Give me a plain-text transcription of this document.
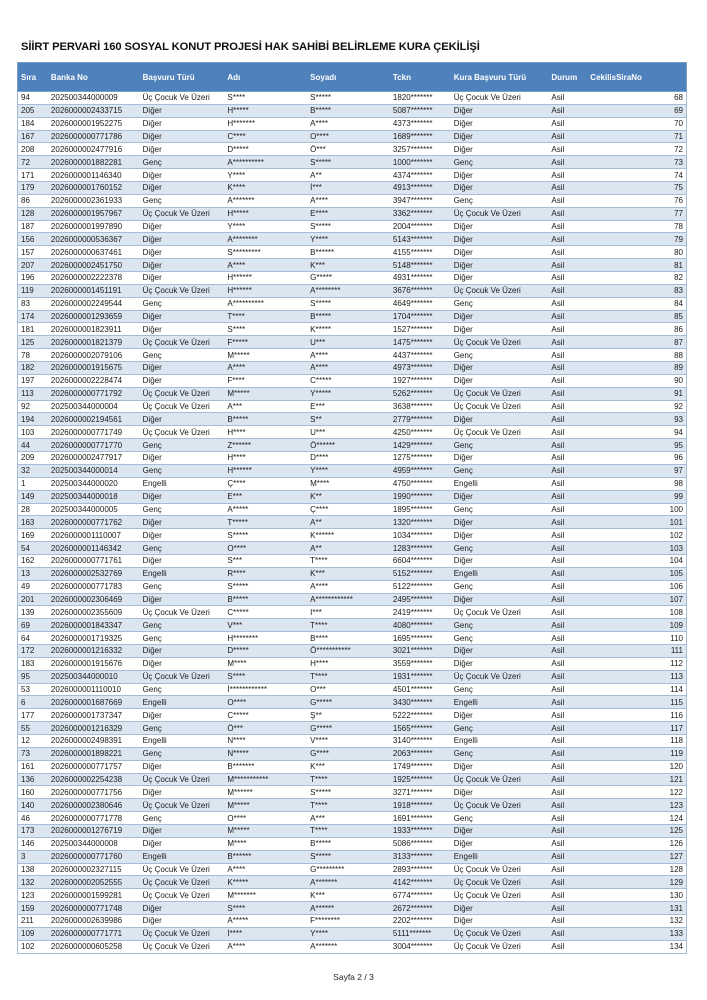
SİİRT PERVARİ 160 SOSYAL KONUT PROJESİ HAK SAHİBİ BELİRLEME KURA ÇEKİLİŞİ
Sıra	Banka No	Başvuru Türü	Adı	Soyadı	Tckn	Kura Başvuru Türü	Durum	CekilisSiraNo
94	202500344000009	Üç Çocuk Ve Üzeri	S****	S*****	1820*******	Üç Çocuk Ve Üzeri	Asil	68
205	2026000002433715	Diğer	H*****	B*****	5087*******	Diğer	Asil	69
184	2026000001952275	Diğer	H*******	A****	4373*******	Diğer	Asil	70
167	2026000000771786	Diğer	C****	O****	1689*******	Diğer	Asil	71
208	2026000002477916	Diğer	D*****	Ö***	3257*******	Diğer	Asil	72
72	2026000001882281	Genç	A**********	S*****	1000*******	Genç	Asil	73
171	2026000001146340	Diğer	Y****	A**	4374*******	Diğer	Asil	74
179	2026000001760152	Diğer	K****	İ***	4913*******	Diğer	Asil	75
86	2026000002361933	Genç	A*******	A****	3947*******	Genç	Asil	76
128	2026000001957967	Üç Çocuk Ve Üzeri	H*****	E****	3362*******	Üç Çocuk Ve Üzeri	Asil	77
187	2026000001997890	Diğer	Y****	S*****	2004*******	Diğer	Asil	78
156	2026000000536367	Diğer	A********	Y****	5143*******	Diğer	Asil	79
157	2026000000637461	Diğer	S*********	B******	4155*******	Diğer	Asil	80
207	2026000002451750	Diğer	A****	K***	5148*******	Diğer	Asil	81
196	2026000002222378	Diğer	H******	G*****	4931*******	Diğer	Asil	82
119	2026000001451191	Üç Çocuk Ve Üzeri	H******	A********	3676*******	Üç Çocuk Ve Üzeri	Asil	83
83	2026000002249544	Genç	A**********	S*****	4649*******	Genç	Asil	84
174	2026000001293659	Diğer	T****	B*****	1704*******	Diğer	Asil	85
181	2026000001823911	Diğer	S****	K*****	1527*******	Diğer	Asil	86
125	2026000001821379	Üç Çocuk Ve Üzeri	F*****	U***	1475*******	Üç Çocuk Ve Üzeri	Asil	87
78	2026000002079106	Genç	M*****	A****	4437*******	Genç	Asil	88
182	2026000001915675	Diğer	A****	A****	4973*******	Diğer	Asil	89
197	2026000002228474	Diğer	F****	C*****	1927*******	Diğer	Asil	90
113	2026000000771792	Üç Çocuk Ve Üzeri	M*****	Y*****	5262*******	Üç Çocuk Ve Üzeri	Asil	91
92	202500344000004	Üç Çocuk Ve Üzeri	A***	E***	3638*******	Üç Çocuk Ve Üzeri	Asil	92
194	2026000002194561	Diğer	B*****	S**	2779*******	Diğer	Asil	93
103	2026000000771749	Üç Çocuk Ve Üzeri	H****	U***	4250*******	Üç Çocuk Ve Üzeri	Asil	94
44	2026000000771770	Genç	Z******	Ö******	1429*******	Genç	Asil	95
209	2026000002477917	Diğer	H****	D****	1275*******	Diğer	Asil	96
32	202500344000014	Genç	H******	Y****	4959*******	Genç	Asil	97
1	202500344000020	Engelli	Ç****	M****	4750*******	Engelli	Asil	98
149	202500344000018	Diğer	E***	K**	1990*******	Diğer	Asil	99
28	202500344000005	Genç	A*****	Ç****	1895*******	Genç	Asil	100
163	2026000000771762	Diğer	T*****	A**	1320*******	Diğer	Asil	101
169	2026000001110007	Diğer	S*****	K******	1034*******	Diğer	Asil	102
54	2026000001146342	Genç	O****	A**	1283*******	Genç	Asil	103
162	2026000000771761	Diğer	S***	T****	6604*******	Diğer	Asil	104
13	2026000002532769	Engelli	R****	K***	5152*******	Engelli	Asil	105
49	2026000000771783	Genç	S*****	A****	5122*******	Genç	Asil	106
201	2026000002306469	Diğer	B*****	A************	2495*******	Diğer	Asil	107
139	2026000002355609	Üç Çocuk Ve Üzeri	C*****	I***	2419*******	Üç Çocuk Ve Üzeri	Asil	108
69	2026000001843347	Genç	V***	T****	4080*******	Genç	Asil	109
64	2026000001719325	Genç	H********	B****	1695*******	Genç	Asil	110
172	2026000001216332	Diğer	D*****	Ö***********	3021*******	Diğer	Asil	111
183	2026000001915676	Diğer	M****	H****	3559*******	Diğer	Asil	112
95	202500344000010	Üç Çocuk Ve Üzeri	S****	T****	1931*******	Üç Çocuk Ve Üzeri	Asil	113
53	2026000001110010	Genç	İ************	O***	4501*******	Genç	Asil	114
6	2026000001687669	Engelli	O****	G*****	3430*******	Engelli	Asil	115
177	2026000001737347	Diğer	C*****	Ş**	5222*******	Diğer	Asil	116
55	2026000001216329	Genç	Ö***	G*****	1565*******	Genç	Asil	117
12	2026000002498391	Engelli	N****	V****	3140*******	Engelli	Asil	118
73	2026000001898221	Genç	N*****	G****	2063*******	Genç	Asil	119
161	2026000000771757	Diğer	B*******	K***	1749*******	Diğer	Asil	120
136	2026000002254238	Üç Çocuk Ve Üzeri	M***********	T****	1925*******	Üç Çocuk Ve Üzeri	Asil	121
160	2026000000771756	Diğer	M******	S*****	3271*******	Diğer	Asil	122
140	2026000002380646	Üç Çocuk Ve Üzeri	M*****	T****	1918*******	Üç Çocuk Ve Üzeri	Asil	123
46	2026000000771778	Genç	O****	A***	1691*******	Genç	Asil	124
173	2026000001276719	Diğer	M*****	T****	1933*******	Diğer	Asil	125
146	202500344000008	Diğer	M****	B*****	5086*******	Diğer	Asil	126
3	2026000000771760	Engelli	B******	S*****	3133*******	Engelli	Asil	127
138	2026000002327115	Üç Çocuk Ve Üzeri	A****	G*********	2893*******	Üç Çocuk Ve Üzeri	Asil	128
132	2026000002052555	Üç Çocuk Ve Üzeri	K*****	A*******	4142*******	Üç Çocuk Ve Üzeri	Asil	129
123	2026000001599281	Üç Çocuk Ve Üzeri	M*******	K***	6774*******	Üç Çocuk Ve Üzeri	Asil	130
159	2026000000771748	Diğer	S****	A******	2672*******	Diğer	Asil	131
211	2026000002639986	Diğer	A*****	F********	2202*******	Diğer	Asil	132
109	2026000000771771	Üç Çocuk Ve Üzeri	İ****	Y****	5111*******	Üç Çocuk Ve Üzeri	Asil	133
102	2026000000605258	Üç Çocuk Ve Üzeri	A****	A*******	3004*******	Üç Çocuk Ve Üzeri	Asil	134
Sayfa 2 / 3
